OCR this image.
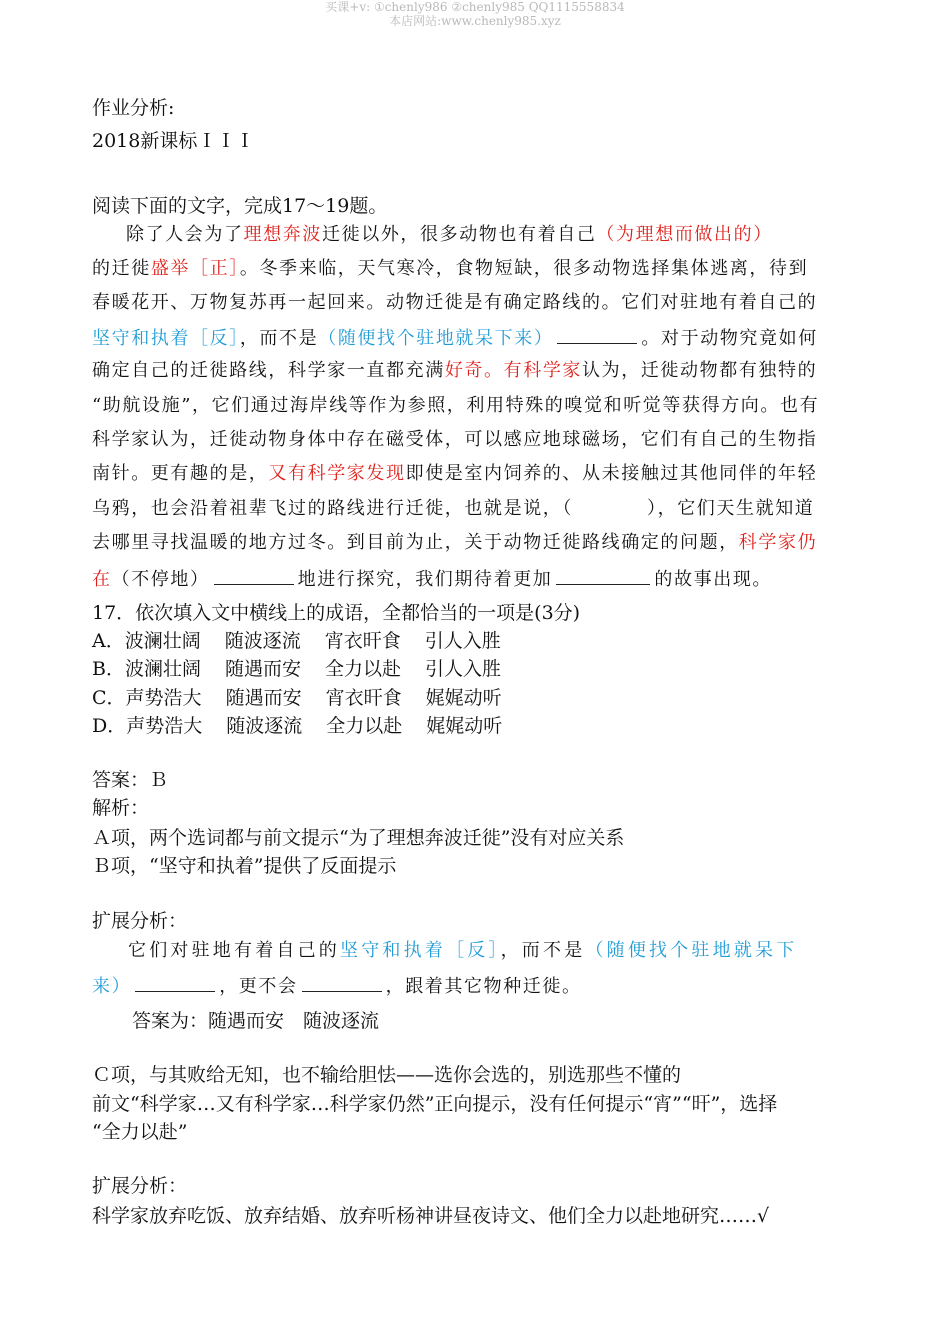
买课+v: ①chenly986 ②chenly985 QQ1115558834
本店网站:www.chenly985.xyz
作业分析:
2018新课标ＩＩＩ
阅读下面的文字，完成17～19题。
除了人会为了理想奔波迁徙以外，很多动物也有着自己（为理想而做出的）
的迁徙盛举［正］。冬季来临，天气寒冷，食物短缺，很多动物选择集体逃离，待到
春暖花开、万物复苏再一起回来。动物迁徙是有确定路线的。它们对驻地有着自己的
坚守和执着［反］，而不是（随便找个驻地就呆下来）	。对于动物究竟如何
确定自己的迁徙路线，科学家一直都充满好奇。有科学家认为，迁徙动物都有独特的
“助航设施”，它们通过海岸线等作为参照，利用特殊的嗅觉和听觉等获得方向。也有
科学家认为，迁徙动物身体中存在磁受体，可以感应地球磁场，它们有自己的生物指
南针。更有趣的是，又有科学家发现即使是室内饲养的、从未接触过其他同伴的年轻
乌鸦，也会沿着祖辈飞过的路线进行迁徙，也就是说，（	），它们天生就知道
去哪里寻找温暖的地方过冬。到目前为止，关于动物迁徙路线确定的问题，科学家仍
在（不停地）	地进行探究，我们期待着更加	的故事出现。
17．依次填入文中横线上的成语，全都恰当的一项是(3分)
A．波澜壮阔 随波逐流 宵衣旰食 引人入胜
B．波澜壮阔 随遇而安 全力以赴 引人入胜
C．声势浩大 随遇而安 宵衣旰食 娓娓动听
D．声势浩大 随波逐流 全力以赴 娓娓动听
答案：Ｂ
解析：
Ａ项，两个选词都与前文提示“为了理想奔波迁徙”没有对应关系
Ｂ项，“坚守和执着”提供了反面提示
扩展分析：
它们对驻地有着自己的坚守和执着［反］，而不是（随便找个驻地就呆下
来）	，更不会	，跟着其它物种迁徙。
答案为：随遇而安　随波逐流
Ｃ项，与其败给无知，也不输给胆怯——选你会选的，别选那些不懂的
前文“科学家…又有科学家…科学家仍然”正向提示，没有任何提示“宵”“旰”，选择
“全力以赴”
扩展分析：
科学家放弃吃饭、放弃结婚、放弃听杨神讲昼夜诗文、他们全力以赴地研究……√
